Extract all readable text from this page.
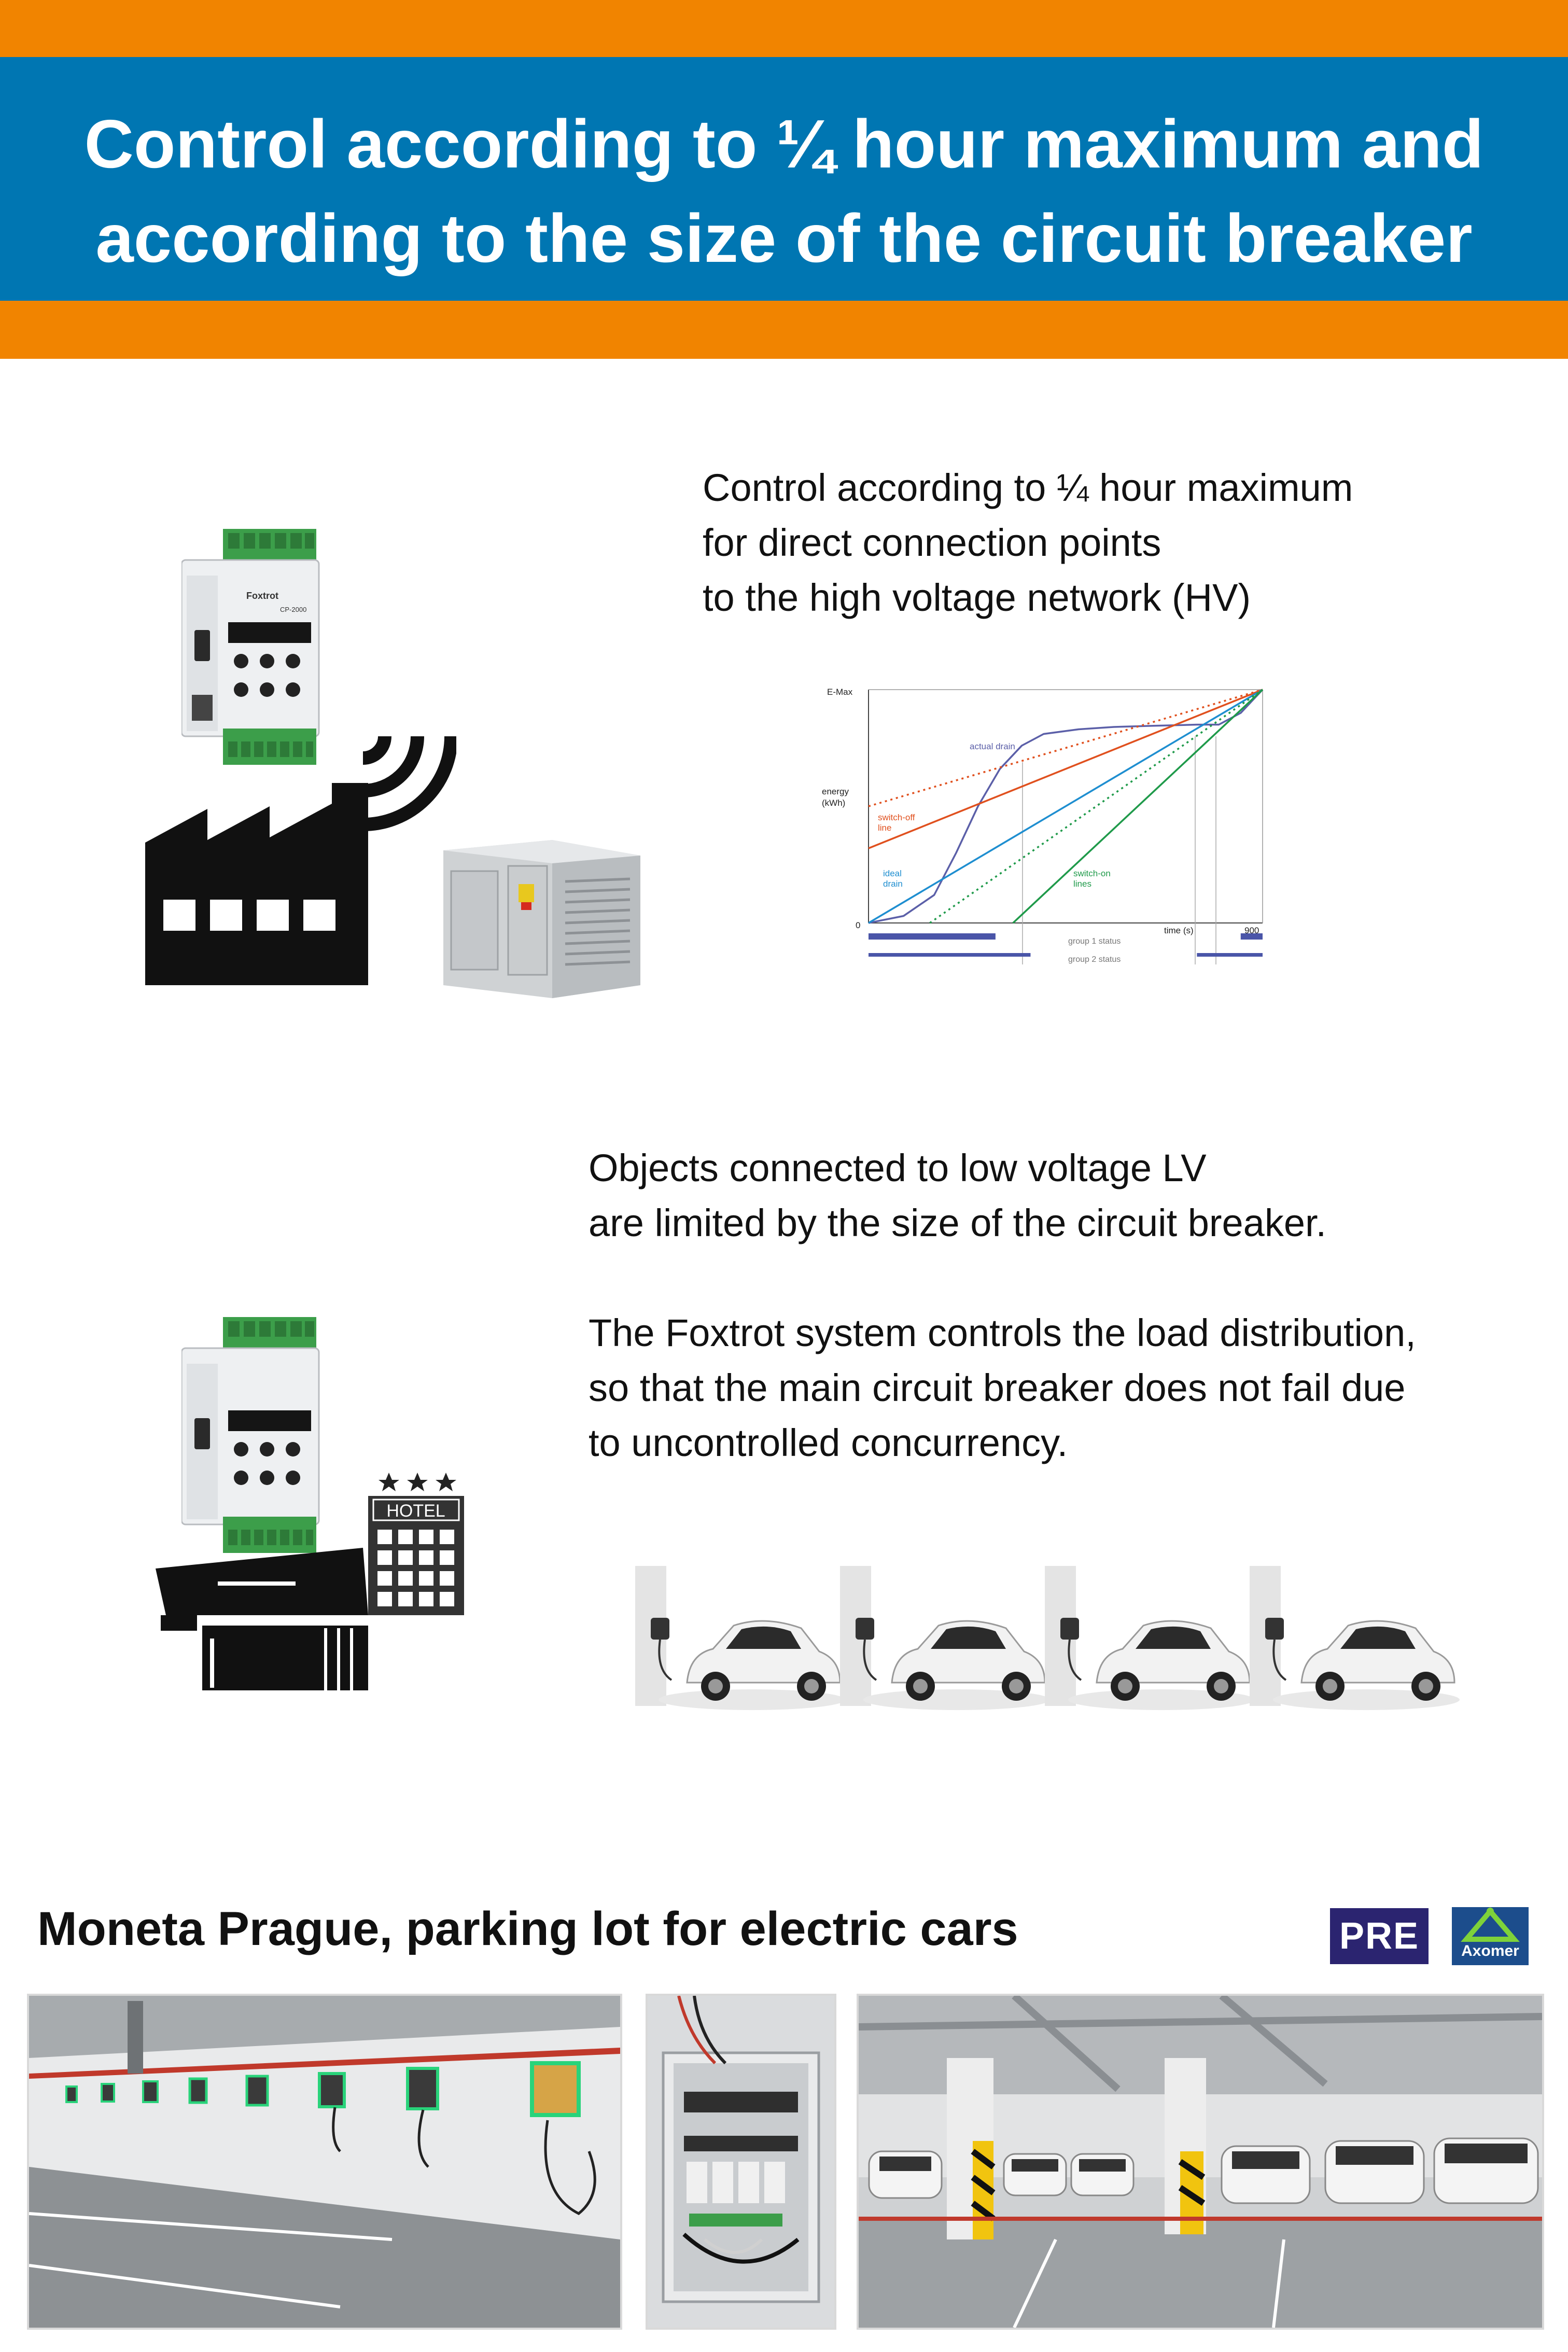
Control according to ¼ hour maximum and
according to the size of the circuit breaker
Control according to ¼ hour maximum
for direct connection points
to the high voltage network (HV)
Foxtrot
CP-2000
E-Max
energy (kWh)
0
900
time (s)
actual drain
switch-off line
ideal drain
switch-on lines
group 1 status
group 2 status
Objects connected to low voltage LV
are limited by the size of the circuit breaker.
The Foxtrot system controls the load distribution,
so that the main circuit breaker does not fail due
to uncontrolled concurrency.
HOTEL
Moneta Prague, parking lot for electric cars	PRE	Axomer
